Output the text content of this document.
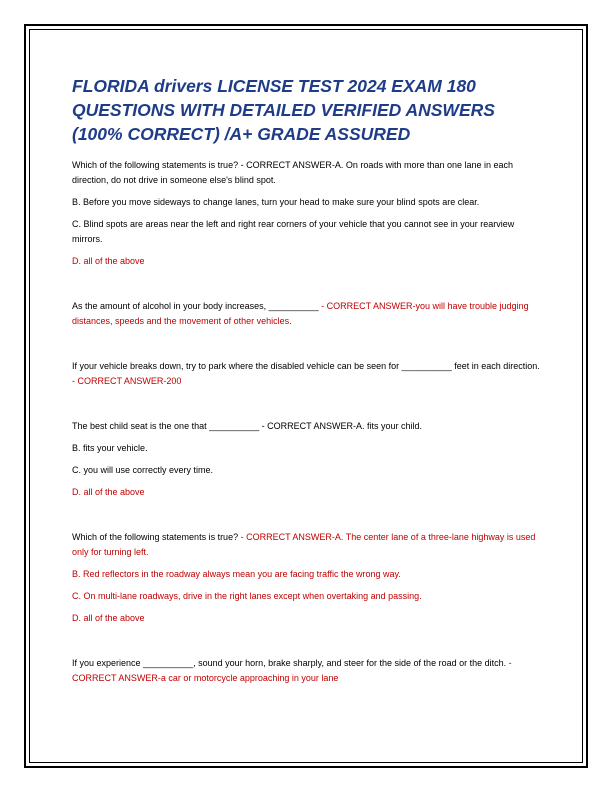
FLORIDA drivers LICENSE TEST 2024 EXAM 180 QUESTIONS WITH DETAILED VERIFIED ANSWERS (100% CORRECT) /A+ GRADE ASSURED

Which of the following statements is true? - CORRECT ANSWER-A. On roads with more than one lane in each direction, do not drive in someone else's blind spot.

B. Before you move sideways to change lanes, turn your head to make sure your blind spots are clear.

C. Blind spots are areas near the left and right rear corners of your vehicle that you cannot see in your rearview mirrors.

D. all of the above

As the amount of alcohol in your body increases, __________ - CORRECT ANSWER-you will have trouble judging distances, speeds and the movement of other vehicles.

If your vehicle breaks down, try to park where the disabled vehicle can be seen for __________ feet in each direction. - CORRECT ANSWER-200

The best child seat is the one that __________ - CORRECT ANSWER-A. fits your child.

B. fits your vehicle.

C. you will use correctly every time.

D. all of the above

Which of the following statements is true? - CORRECT ANSWER-A. The center lane of a three-lane highway is used only for turning left.

B. Red reflectors in the roadway always mean you are facing traffic the wrong way.

C. On multi-lane roadways, drive in the right lanes except when overtaking and passing.

D. all of the above

If you experience __________, sound your horn, brake sharply, and steer for the side of the road or the ditch. - CORRECT ANSWER-a car or motorcycle approaching in your lane
